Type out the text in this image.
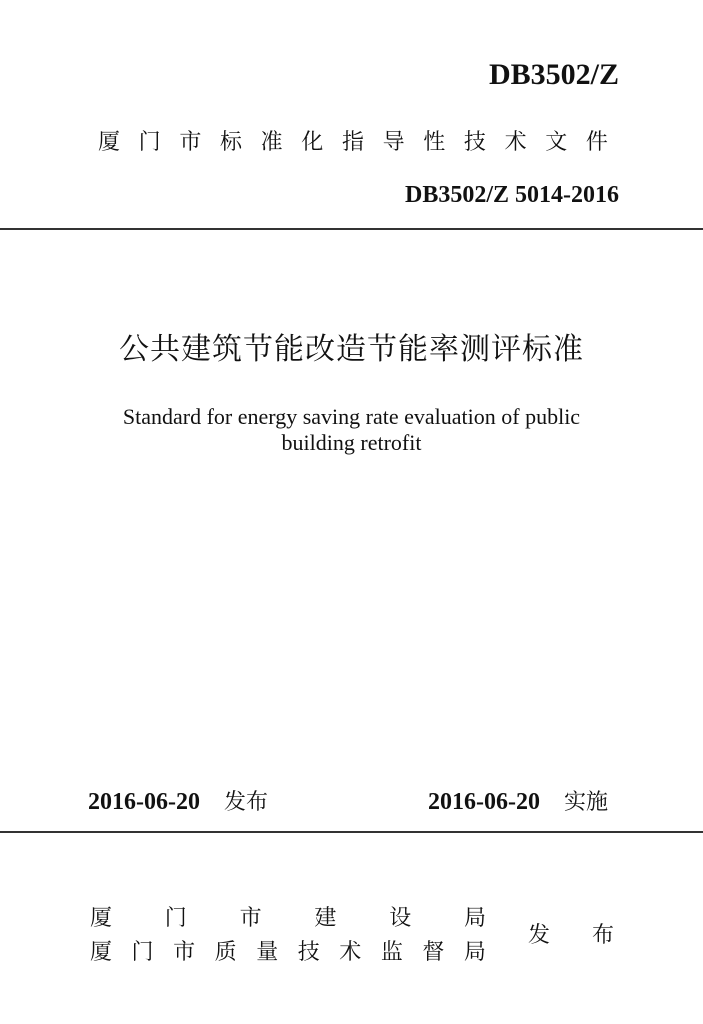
DB3502/Z
厦 门 市 标 准 化 指 导 性 技 术 文 件
DB3502/Z 5014-2016
公共建筑节能改造节能率测评标准
Standard for energy saving rate evaluation of public
building retrofit
2016-06-20 发布	2016-06-20 实施
厦 门 市 建 设 局
厦 门 市 质 量 技 术 监 督 局
发 布
